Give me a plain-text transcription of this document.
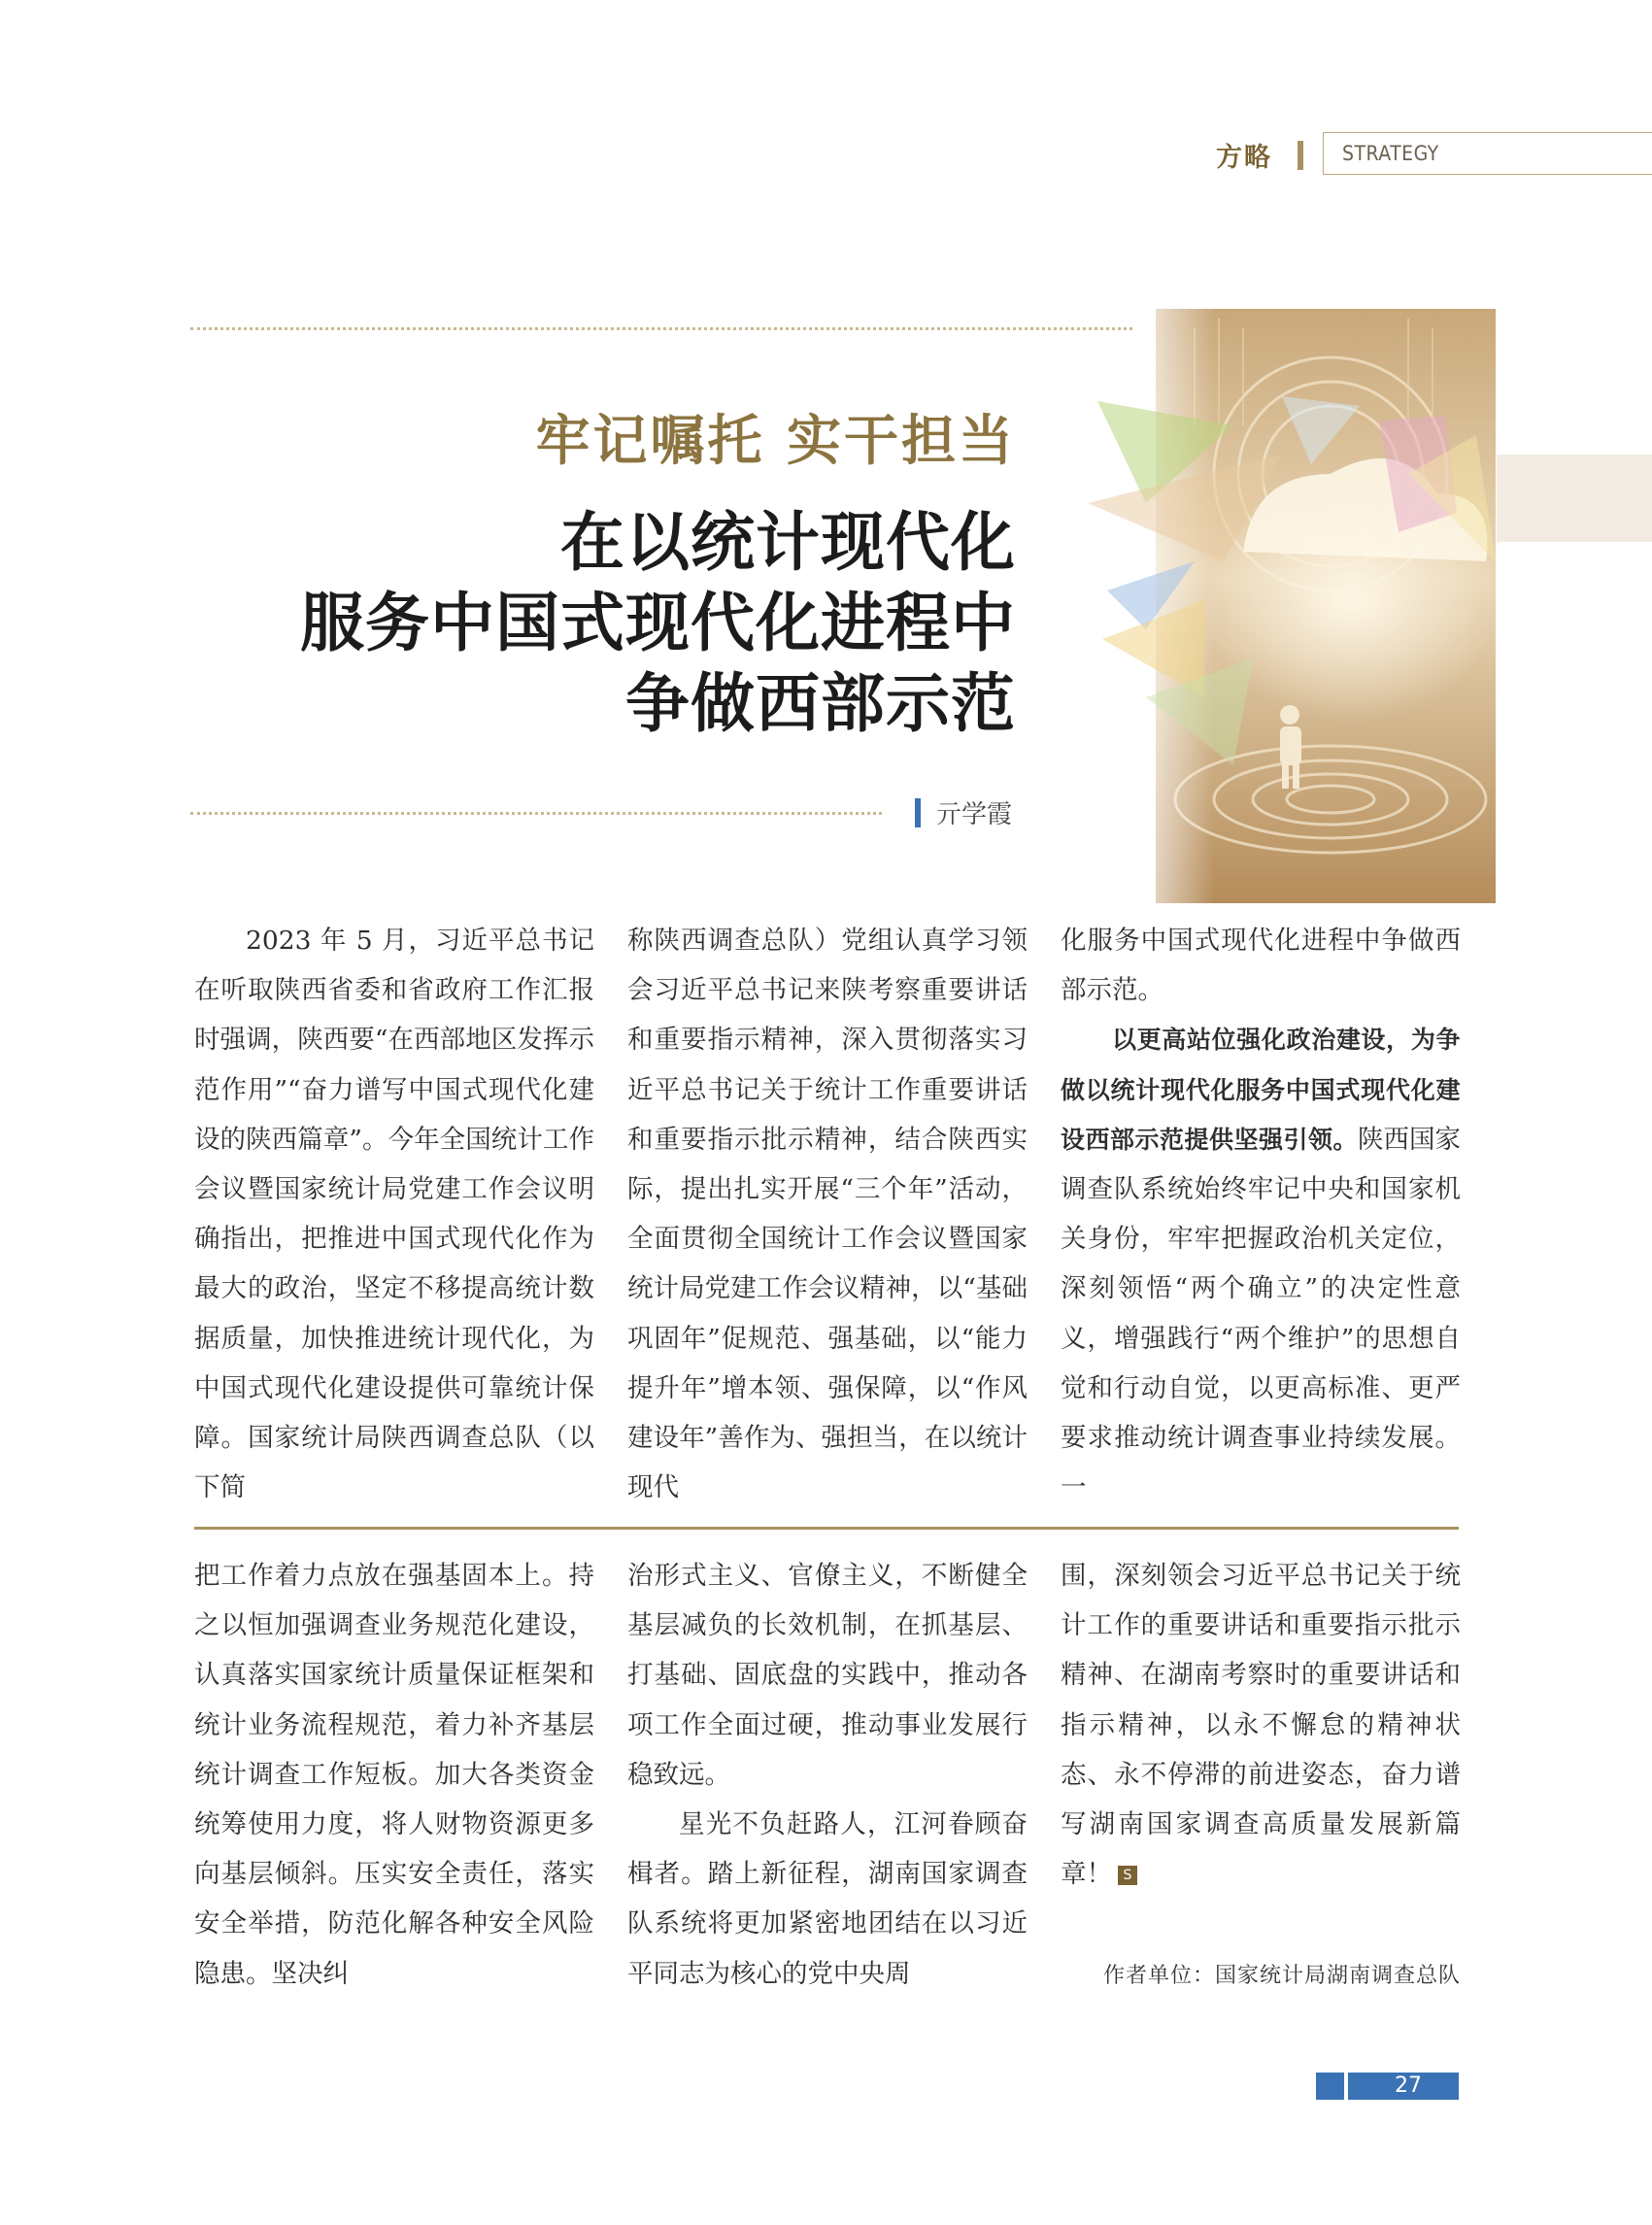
方略	STRATEGY
牢记嘱托 实干担当
在以统计现代化
服务中国式现代化进程中
争做西部示范
亓学霞

2023 年 5 月，习近平总书记在听取陕西省委和省政府工作汇报时强调，陕西要“在西部地区发挥示范作用”“奋力谱写中国式现代化建设的陕西篇章”。今年全国统计工作会议暨国家统计局党建工作会议明确指出，把推进中国式现代化作为最大的政治，坚定不移提高统计数据质量，加快推进统计现代化，为中国式现代化建设提供可靠统计保障。国家统计局陕西调查总队（以下简

称陕西调查总队）党组认真学习领会习近平总书记来陕考察重要讲话和重要指示精神，深入贯彻落实习近平总书记关于统计工作重要讲话和重要指示批示精神，结合陕西实际，提出扎实开展“三个年”活动，全面贯彻全国统计工作会议暨国家统计局党建工作会议精神，以“基础巩固年”促规范、强基础，以“能力提升年”增本领、强保障，以“作风建设年”善作为、强担当，在以统计现代

化服务中国式现代化进程中争做西部示范。

以更高站位强化政治建设，为争做以统计现代化服务中国式现代化建设西部示范提供坚强引领。陕西国家调查队系统始终牢记中央和国家机关身份，牢牢把握政治机关定位，深刻领悟“两个确立”的决定性意义，增强践行“两个维护”的思想自觉和行动自觉，以更高标准、更严要求推动统计调查事业持续发展。一

把工作着力点放在强基固本上。持之以恒加强调查业务规范化建设，认真落实国家统计质量保证框架和统计业务流程规范，着力补齐基层统计调查工作短板。加大各类资金统筹使用力度，将人财物资源更多向基层倾斜。压实安全责任，落实安全举措，防范化解各种安全风险隐患。坚决纠

治形式主义、官僚主义，不断健全基层减负的长效机制，在抓基层、打基础、固底盘的实践中，推动各项工作全面过硬，推动事业发展行稳致远。

星光不负赶路人，江河眷顾奋楫者。踏上新征程，湖南国家调查队系统将更加紧密地团结在以习近平同志为核心的党中央周

围，深刻领会习近平总书记关于统计工作的重要讲话和重要指示批示精神、在湖南考察时的重要讲话和指示精神，以永不懈怠的精神状态、永不停滞的前进姿态，奋力谱写湖南国家调查高质量发展新篇章！ S

作者单位：国家统计局湖南调查总队
27
